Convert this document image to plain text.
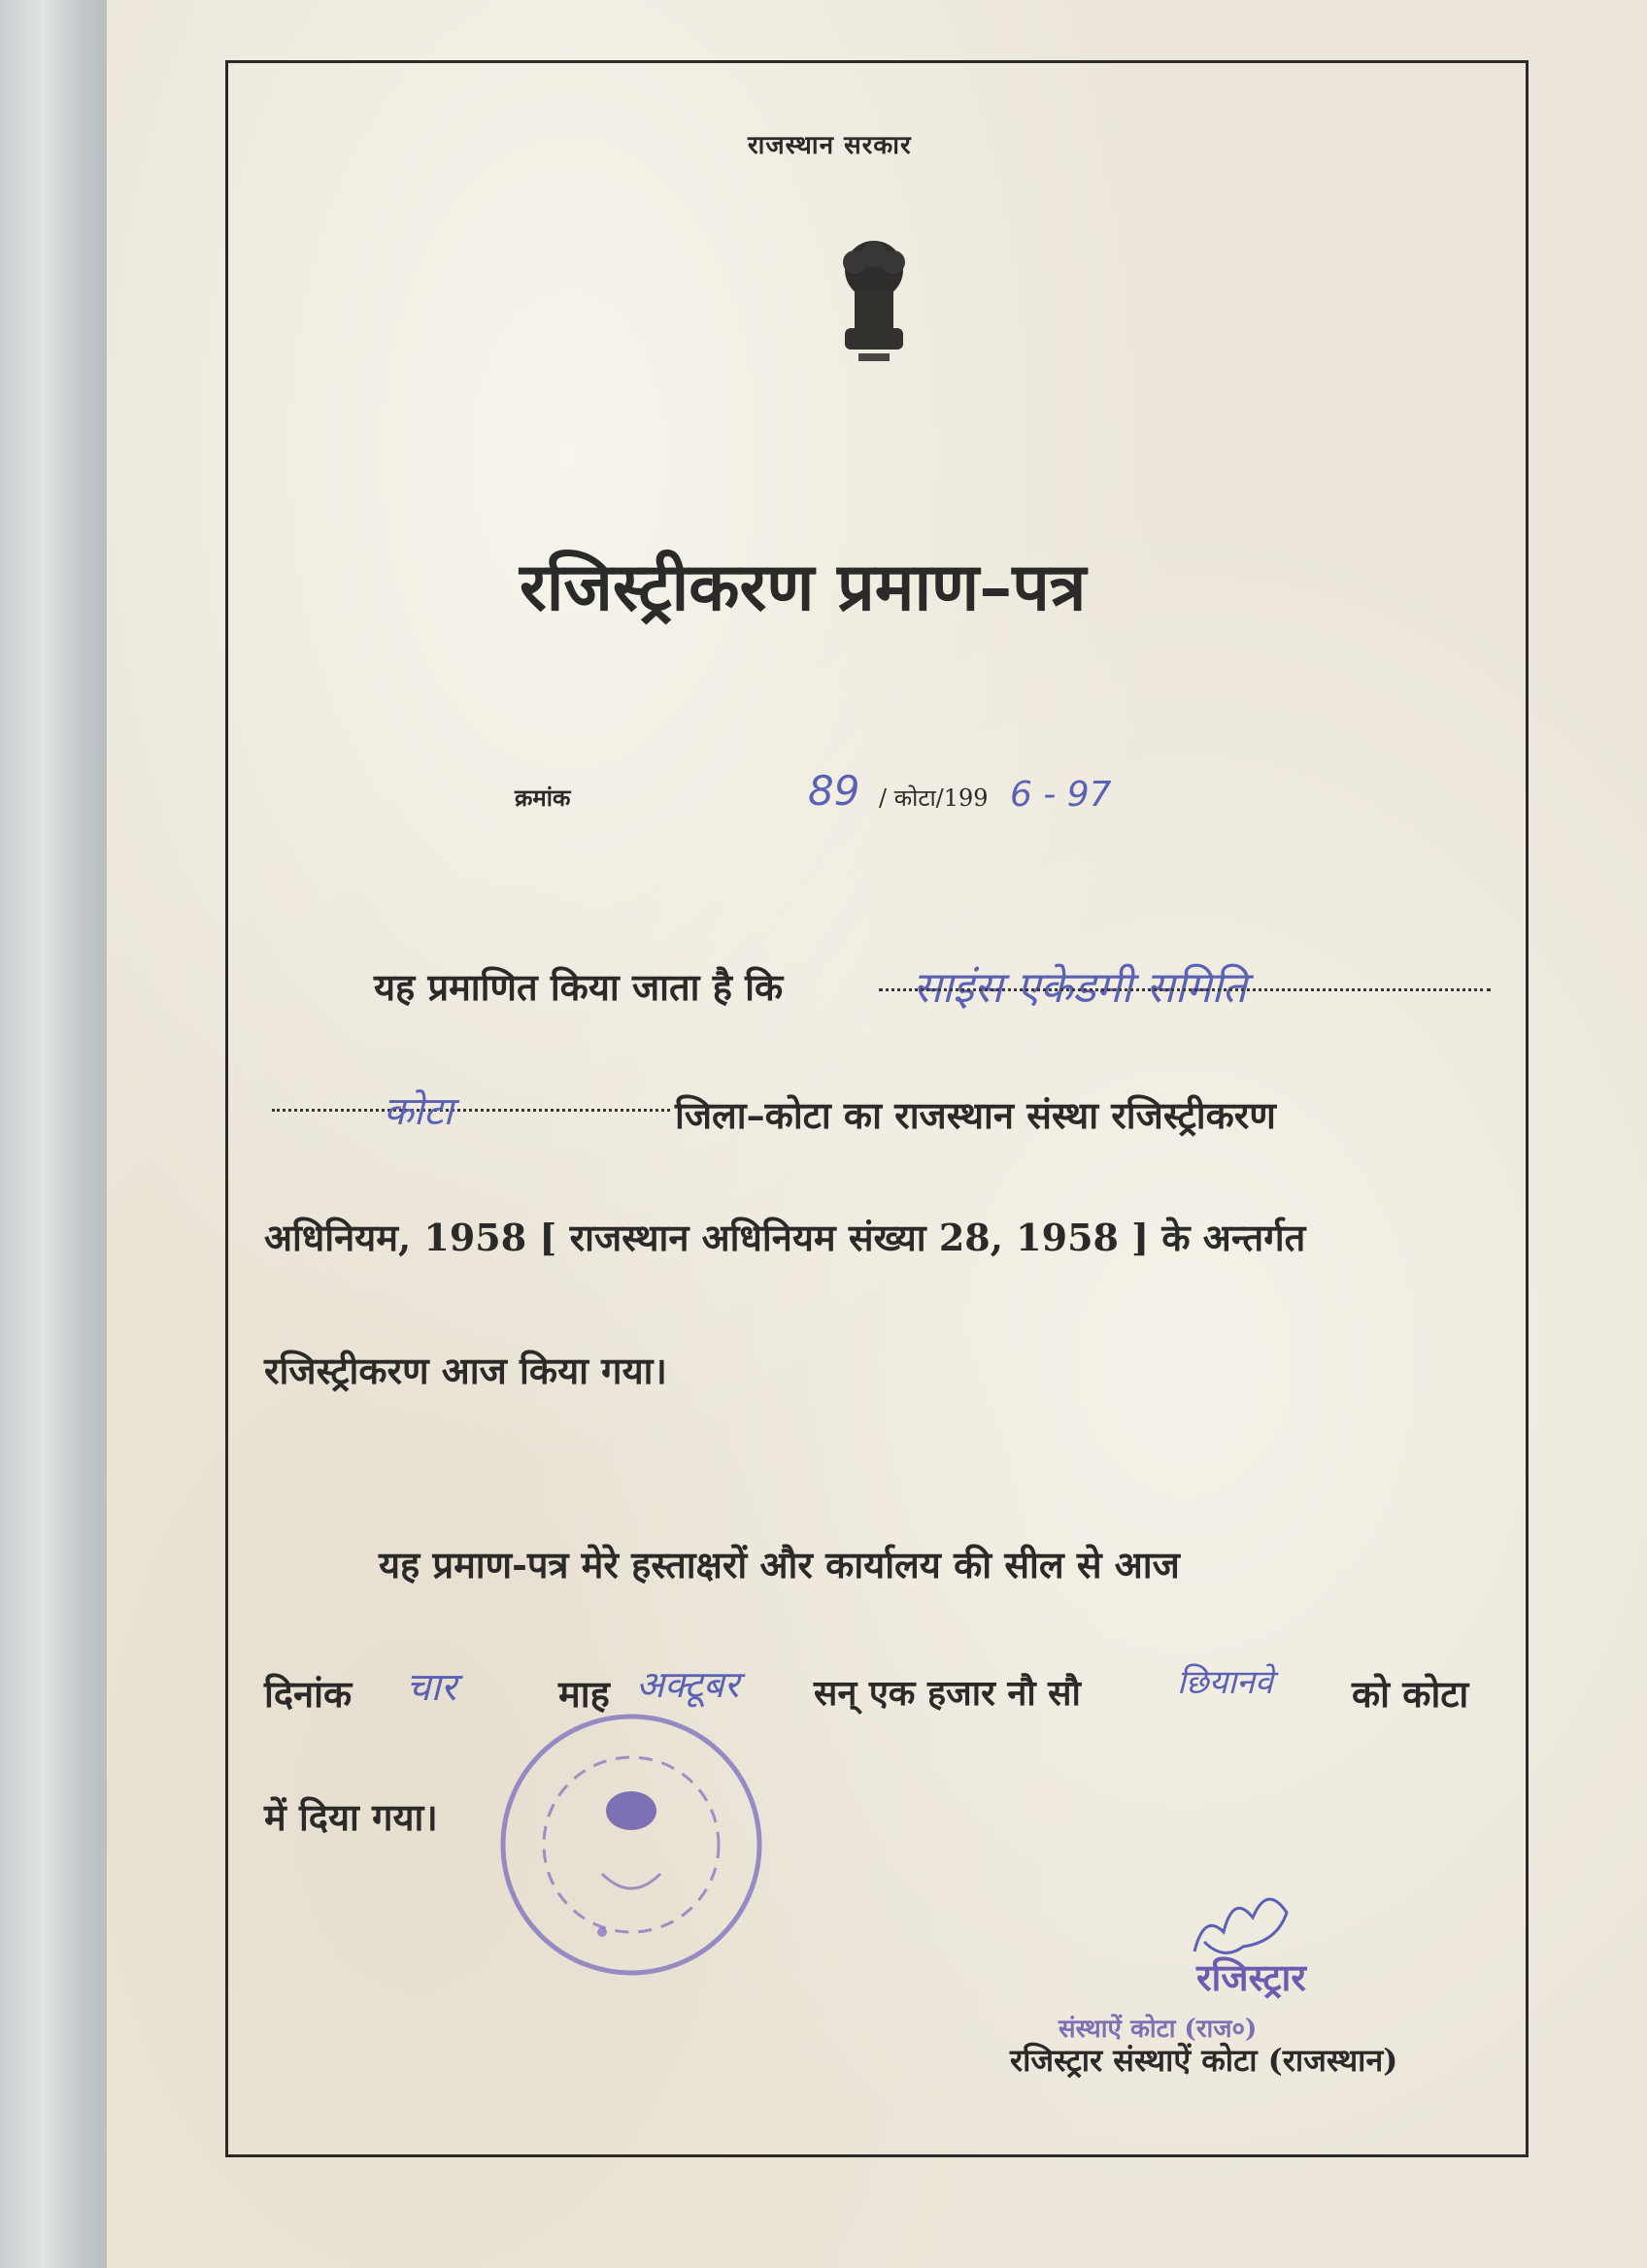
राजस्थान सरकार
रजिस्ट्रीकरण प्रमाण–पत्र
क्रमांक	89 / कोटा/199 6 - 97
यह प्रमाणित किया जाता है कि	साइंस एकेडमी समिति
कोटा	जिला–कोटा का राजस्थान संस्था रजिस्ट्रीकरण
अधिनियम, 1958 [ राजस्थान अधिनियम संख्या 28, 1958 ] के अन्तर्गत
रजिस्ट्रीकरण आज किया गया।
यह प्रमाण-पत्र मेरे हस्ताक्षरों और कार्यालय की सील से आज
दिनांक चार	माह अक्टूबर सन् एक हजार नौ सौ	छियानवे को कोटा
में दिया गया।
रजिस्ट्रार
संस्थाऐं कोटा (राज०)
रजिस्ट्रार संस्थाऐं कोटा (राजस्थान)
